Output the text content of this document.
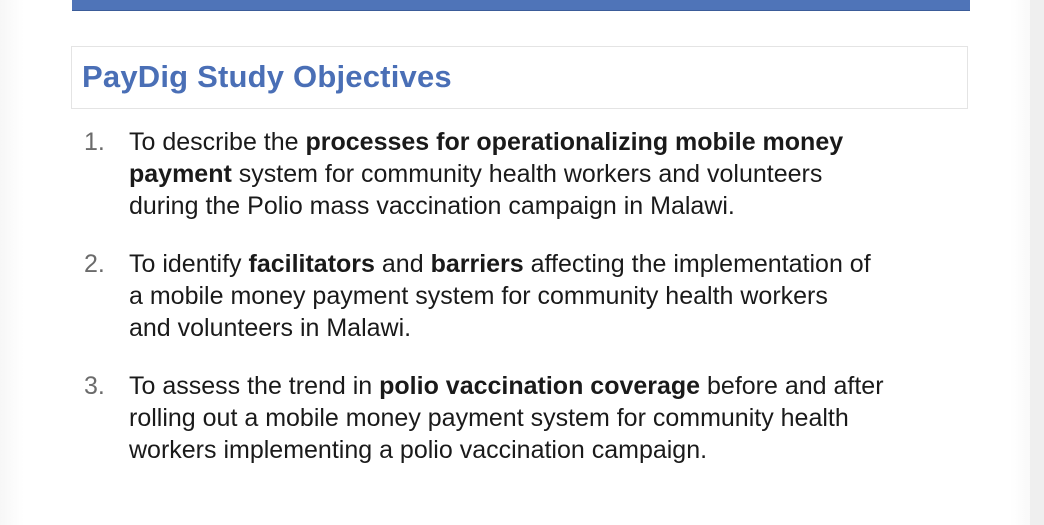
PayDig Study Objectives
1. To describe the processes for operationalizing mobile money
payment system for community health workers and volunteers
during the Polio mass vaccination campaign in Malawi.
2. To identify facilitators and barriers affecting the implementation of
a mobile money payment system for community health workers
and volunteers in Malawi.
3. To assess the trend in polio vaccination coverage before and after
rolling out a mobile money payment system for community health
workers implementing a polio vaccination campaign.
